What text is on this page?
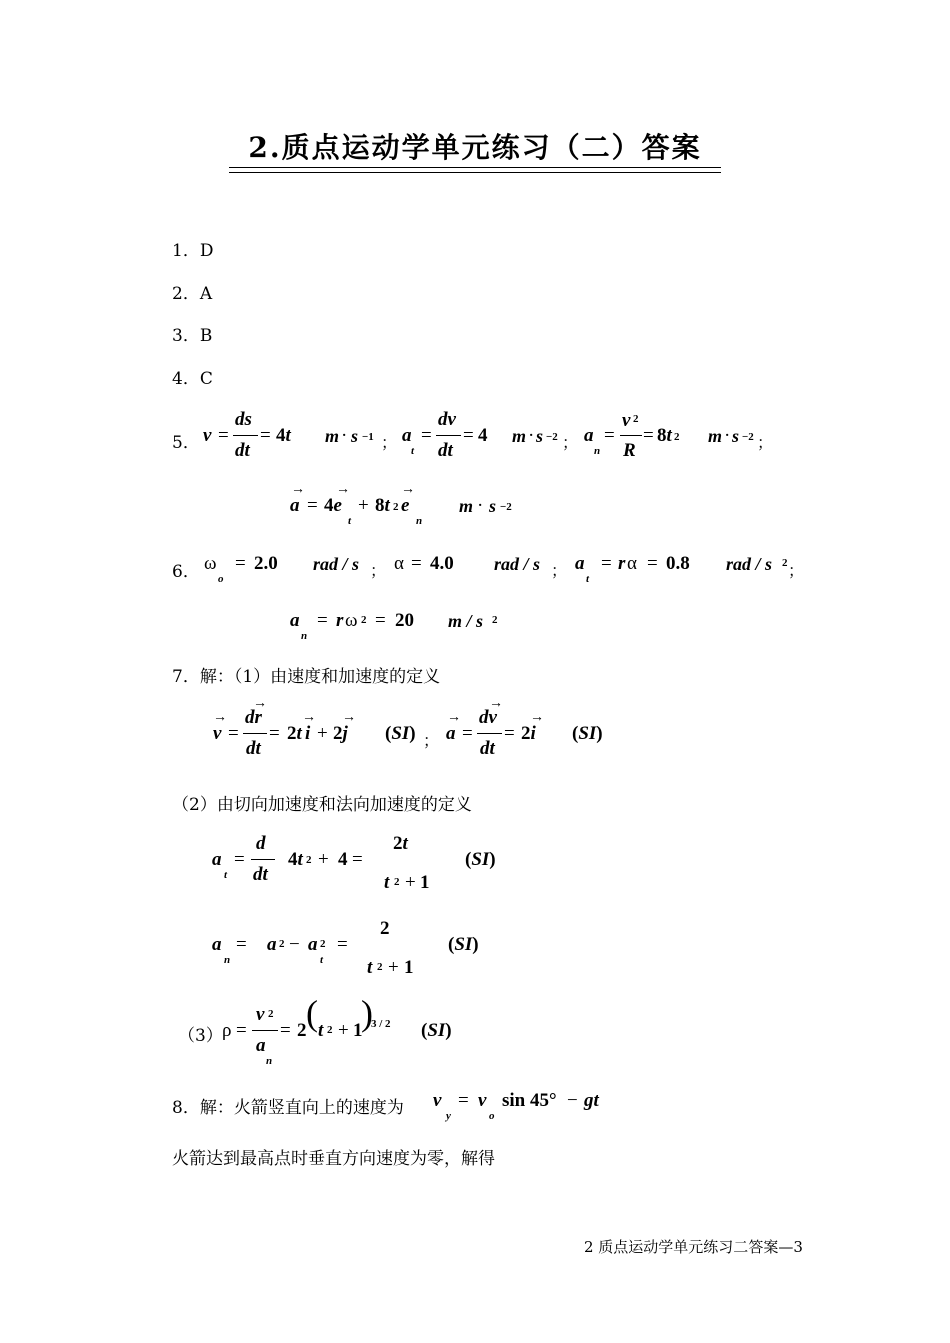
2.质点运动学单元练习（二）答案
1．D
2．A
3．B
4．C
5． v =
ds
dt
= 4t m · s −1 ； a
t
=
dv
dt
= 4 m · s −2 ； a
n
=
v 2
R
= 8t 2 m · s −2 ；
a
→
= 4e
→
t
+ 8t 2 e
→
n
m · s −2
6． ω
o
= 2.0 rad / s ； α = 4.0 rad / s ； a
t
= r α = 0.8 rad / s 2 ；
a
n
= r ω 2 = 20 m / s 2
7．解：（1）由速度和加速度的定义
v
→
=
dr
→
dt
= 2t i
→
+ 2j
→
(SI) ； a
→
=
dv
→
dt
= 2i
→
(SI)
（2）由切向加速度和法向加速度的定义
a
t
=
d
dt
4t 2 + 4 =
2t
t 2 + 1
(SI)
a
n
= a 2 − a 2
t
=
2
t 2 + 1
(SI)
（3） ρ =
v 2
a
n
= 2 ( t 2 + 1
)
3 / 2 (SI)
8．解：火箭竖直向上的速度为 v
y
= v
o
sin 45° − gt
火箭达到最高点时垂直方向速度为零，解得
2 质点运动学单元练习二答案—3
